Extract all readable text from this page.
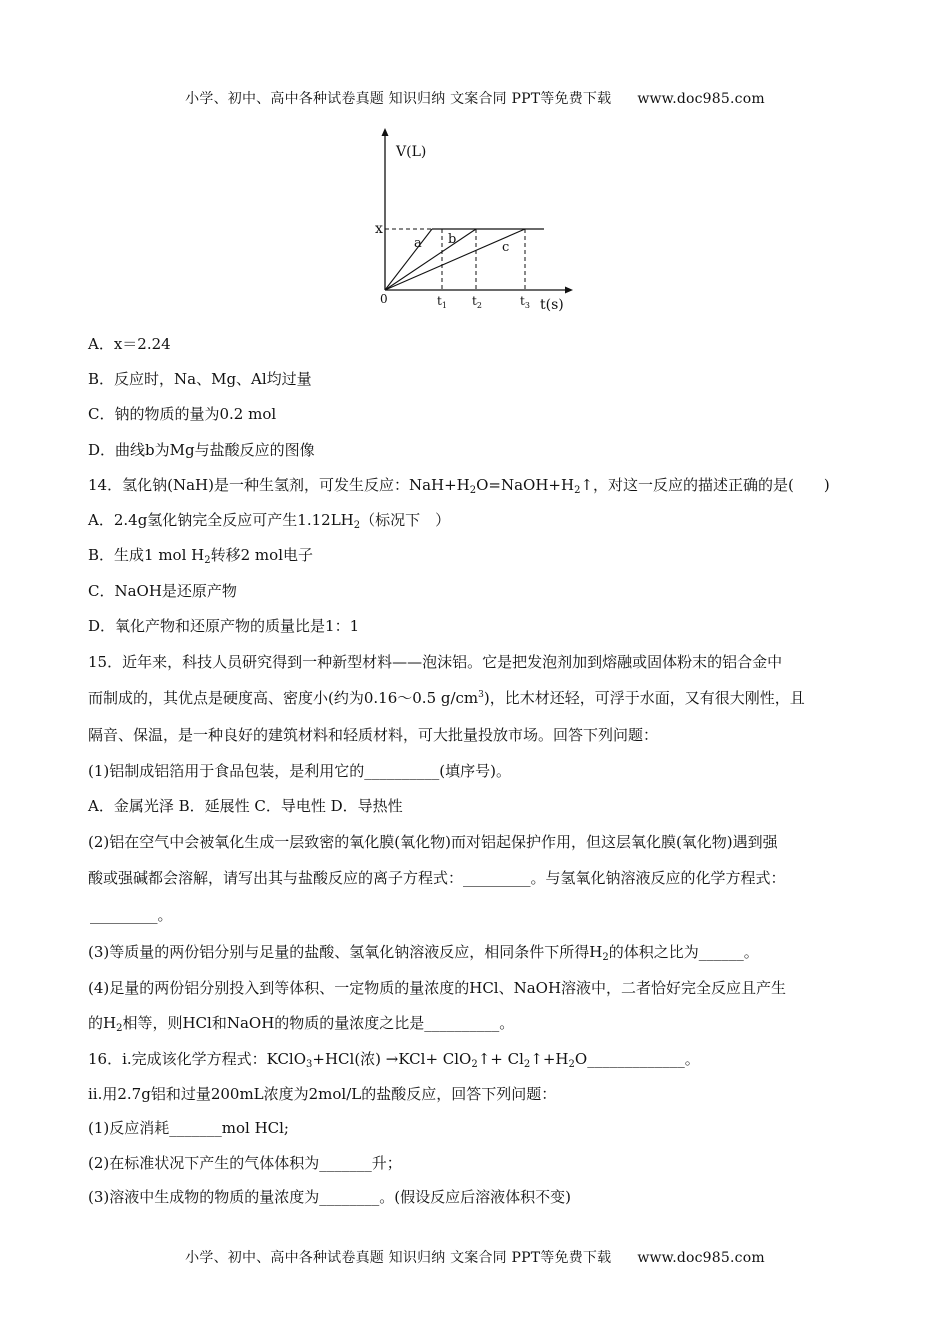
小学、初中、高中各种试卷真题 知识归纳 文案合同 PPT等免费下载 www.doc985.com
V(L)
x
0
a b
c
$t_1$ $t_2$	$t_3$ t(s)
A．x＝2.24
B．反应时，Na、Mg、Al均过量
C．钠的物质的量为0.2 mol
D．曲线b为Mg与盐酸反应的图像
14．氢化钠(NaH)是一种生氢剂，可发生反应：$NaH+H_2O=NaOH+H_2↑$，对这一反应的描述正确的是(　　)
A．2.4g氢化钠完全反应可产生$1.12LH_2$（标况下　）
B．生成1 mol $H_2$转移2 mol电子
C．NaOH是还原产物
D．氧化产物和还原产物的质量比是1：1
15．近年来，科技人员研究得到一种新型材料——泡沫铝。它是把发泡剂加到熔融或固体粉末的铝合金中
而制成的，其优点是硬度高、密度小(约为0.16～0.5 $g/cm^3$)，比木材还轻，可浮于水面，又有很大刚性，且
隔音、保温，是一种良好的建筑材料和轻质材料，可大批量投放市场。回答下列问题：
(1)铝制成铝箔用于食品包装，是利用它的__________(填序号)。
A．金属光泽 B．延展性 C．导电性 D．导热性
(2)铝在空气中会被氧化生成一层致密的氧化膜(氧化物)而对铝起保护作用，但这层氧化膜(氧化物)遇到强
酸或强碱都会溶解，请写出其与盐酸反应的离子方程式：_________。与氢氧化钠溶液反应的化学方程式：
_________。
(3)等质量的两份铝分别与足量的盐酸、氢氧化钠溶液反应，相同条件下所得$H_2$的体积之比为______。
(4)足量的两份铝分别投入到等体积、一定物质的量浓度的HCl、NaOH溶液中，二者恰好完全反应且产生
的$H_2$相等，则HCl和NaOH的物质的量浓度之比是__________。
16．i.完成该化学方程式：KClO$_3$+HCl(浓) →KCl+ ClO$_2$↑+ $Cl_2↑+H_2O\_\_\_\_\_\_\_\_\_\_\_\_\_$。
ii.用2.7g铝和过量200mL浓度为2mol/L的盐酸反应，回答下列问题：
(1)反应消耗_______mol HCl;
(2)在标准状况下产生的气体体积为_______升；
(3)溶液中生成物的物质的量浓度为________。(假设反应后溶液体积不变)
小学、初中、高中各种试卷真题 知识归纳 文案合同 PPT等免费下载 www.doc985.com
